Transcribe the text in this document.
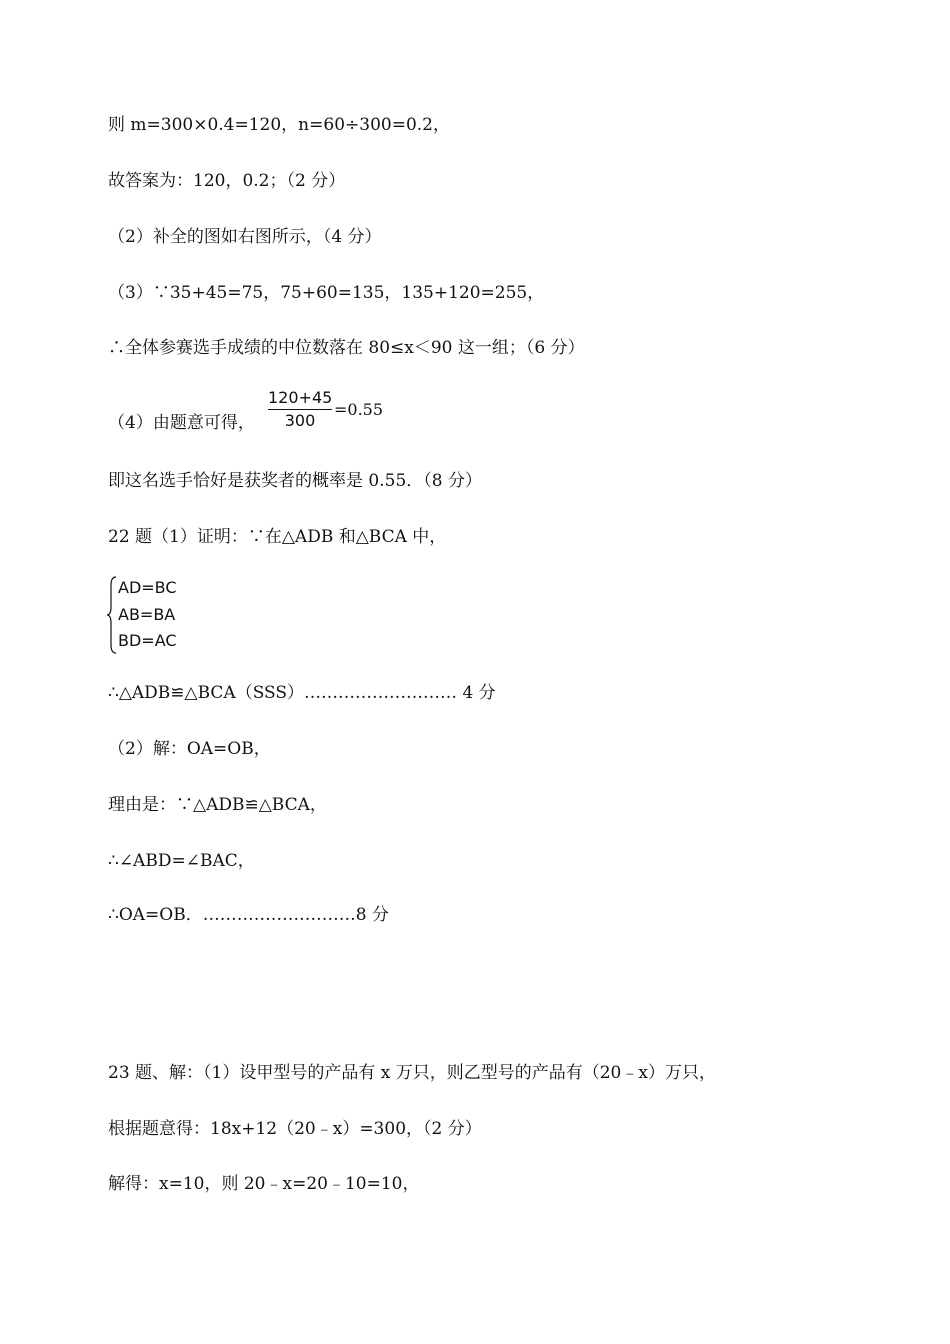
则 m=300×0.4=120，n=60÷300=0.2，
故答案为：120，0.2；（2 分）
（2）补全的图如右图所示，（4 分）
（3）∵35+45=75，75+60=135，135+120=255，
∴全体参赛选手成绩的中位数落在 80≤x＜90 这一组；（6 分）
（4）由题意可得，
120+45
300
=0.55
即这名选手恰好是获奖者的概率是 0.55．（8 分）
22 题（1）证明：∵在△ADB 和△BCA 中，
AD=BC
AB=BA
BD=AC
∴△ADB≌△BCA（SSS）……………………… 4 分
（2）解：OA=OB，
理由是：∵△ADB≌△BCA，
∴∠ABD=∠BAC，
∴OA=OB．………………………8 分
23 题、解：（1）设甲型号的产品有 x 万只，则乙型号的产品有（20﹣x）万只，
根据题意得：18x+12（20﹣x）=300，（2 分）
解得：x=10，则 20﹣x=20﹣10=10，
